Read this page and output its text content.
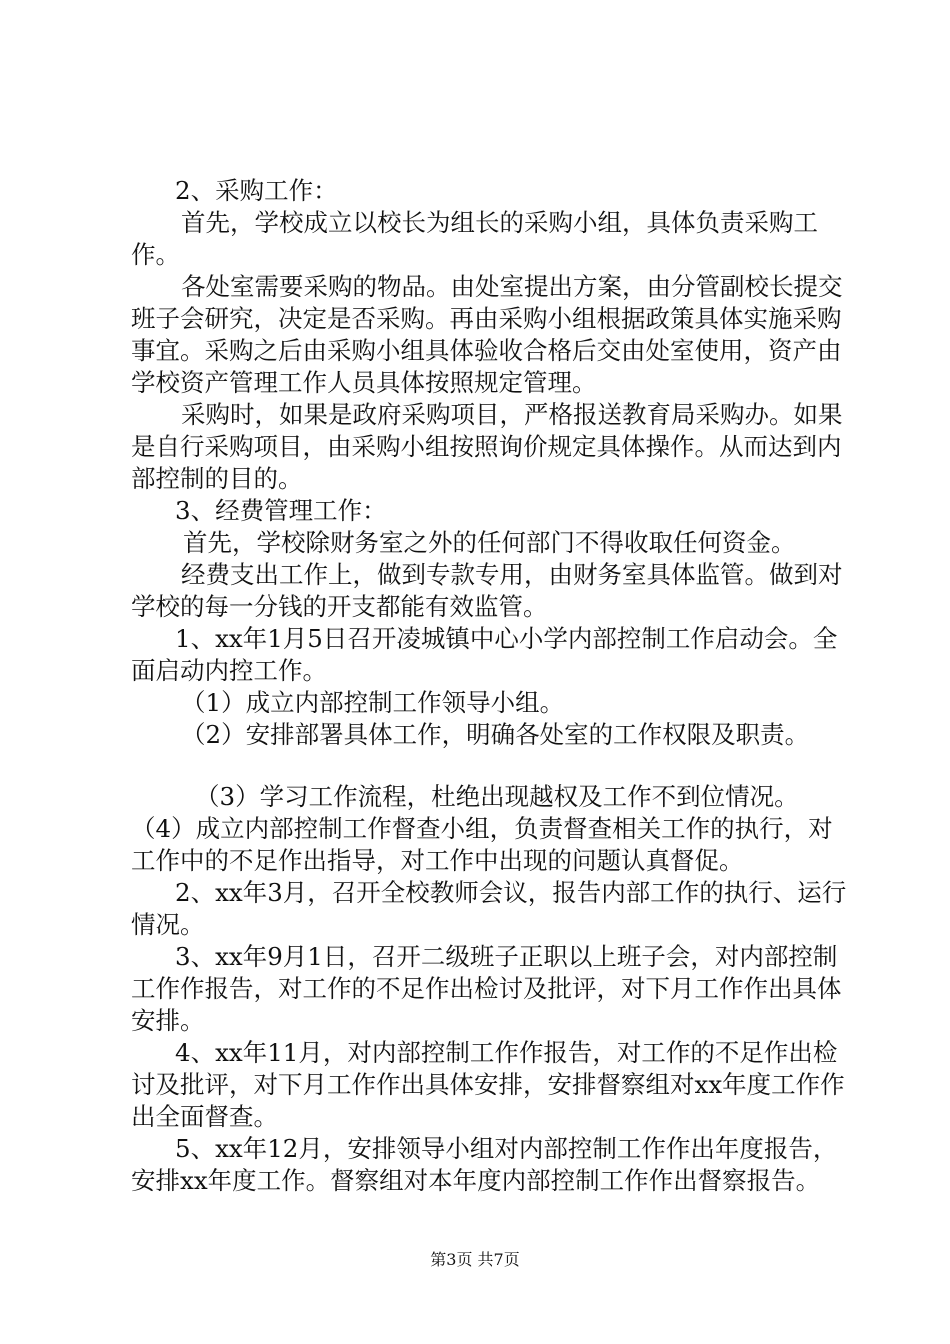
2、采购工作：

首先，学校成立以校长为组长的采购小组，具体负责采购工作。

各处室需要采购的物品。由处室提出方案，由分管副校长提交班子会研究，决定是否采购。再由采购小组根据政策具体实施采购事宜。采购之后由采购小组具体验收合格后交由处室使用，资产由学校资产管理工作人员具体按照规定管理。

采购时，如果是政府采购项目，严格报送教育局采购办。如果是自行采购项目，由采购小组按照询价规定具体操作。从而达到内部控制的目的。

3、经费管理工作：

首先，学校除财务室之外的任何部门不得收取任何资金。

经费支出工作上，做到专款专用，由财务室具体监管。做到对学校的每一分钱的开支都能有效监管。

1、xx年1月5日召开凌城镇中心小学内部控制工作启动会。全面启动内控工作。

（1）成立内部控制工作领导小组。

（2）安排部署具体工作，明确各处室的工作权限及职责。

（3）学习工作流程，杜绝出现越权及工作不到位情况。

（4）成立内部控制工作督查小组，负责督查相关工作的执行，对工作中的不足作出指导，对工作中出现的问题认真督促。

2、xx年3月，召开全校教师会议，报告内部工作的执行、运行情况。

3、xx年9月1日，召开二级班子正职以上班子会，对内部控制工作作报告，对工作的不足作出检讨及批评，对下月工作作出具体安排。

4、xx年11月，对内部控制工作作报告，对工作的不足作出检讨及批评，对下月工作作出具体安排，安排督察组对xx年度工作作出全面督查。

5、xx年12月，安排领导小组对内部控制工作作出年度报告，安排xx年度工作。督察组对本年度内部控制工作作出督察报告。

第3页 共7页
